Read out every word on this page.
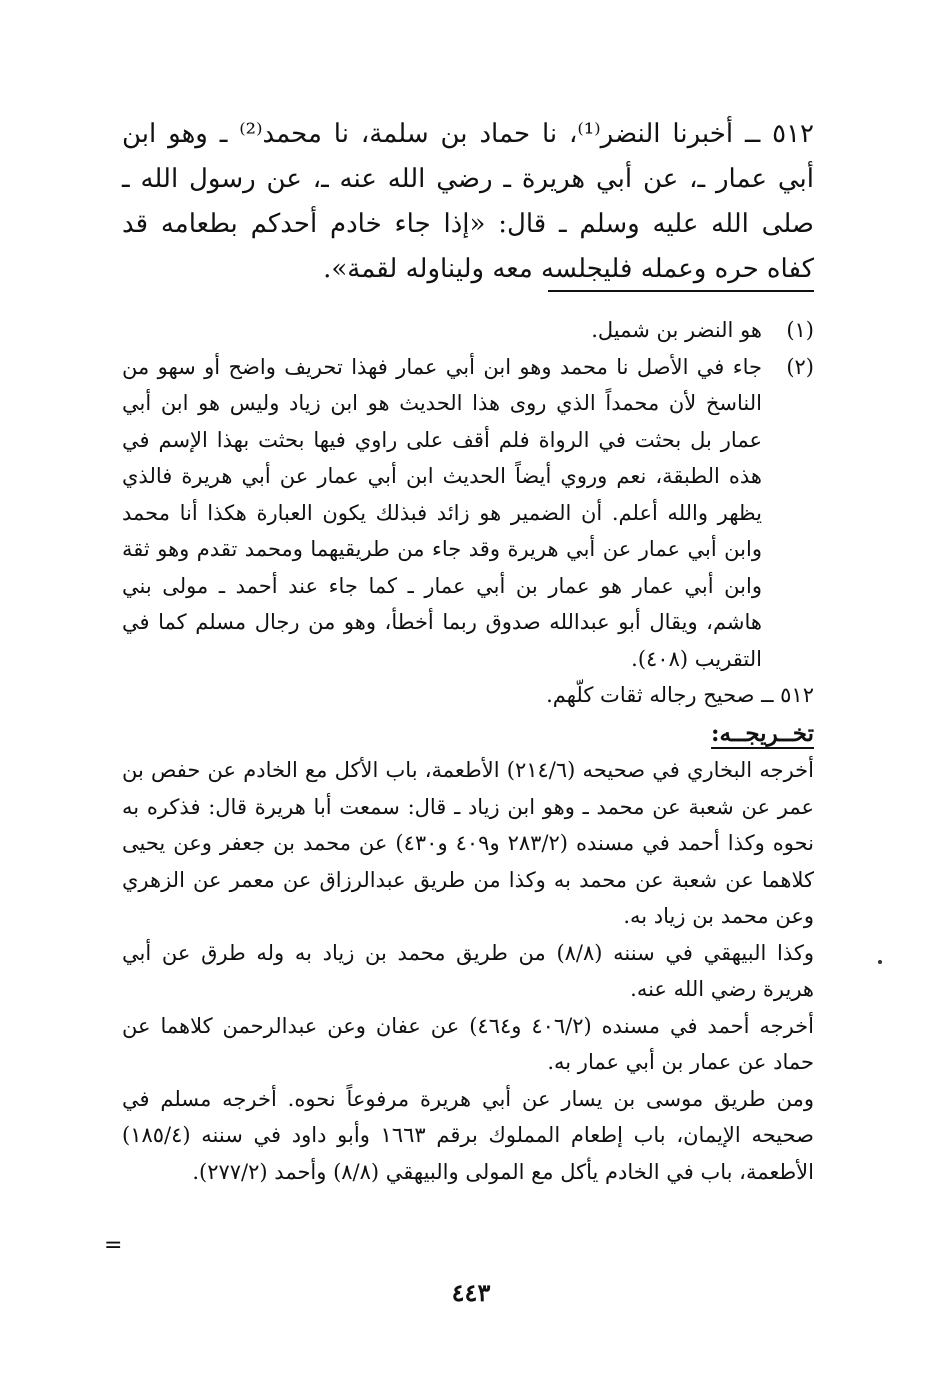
٥١٢ ــ أخبرنا النضر⁽¹⁾، نا حماد بن سلمة، نا محمد⁽²⁾ ـ وهو ابن أبي عمار ـ، عن أبي هريرة ـ رضي الله عنه ـ، عن رسول الله ـ صلى الله عليه وسلم ـ قال: «إذا جاء خادم أحدكم بطعامه قد كفاه حره وعمله فليجلسه معه وليناوله لقمة».

(١)
هو النضر بن شميل.
(٢)
جاء في الأصل نا محمد وهو ابن أبي عمار فهذا تحريف واضح أو سهو من الناسخ لأن محمداً الذي روى هذا الحديث هو ابن زياد وليس هو ابن أبي عمار بل بحثت في الرواة فلم أقف على راوي فيها بحثت بهذا الإسم في هذه الطبقة، نعم وروي أيضاً الحديث ابن أبي عمار عن أبي هريرة فالذي يظهر والله أعلم. أن الضمير هو زائد فبذلك يكون العبارة هكذا أنا محمد وابن أبي عمار عن أبي هريرة وقد جاء من طريقيهما ومحمد تقدم وهو ثقة وابن أبي عمار هو عمار بن أبي عمار ـ كما جاء عند أحمد ـ مولى بني هاشم، ويقال أبو عبدالله صدوق ربما أخطأ، وهو من رجال مسلم كما في التقريب (٤٠٨).

٥١٢ ــ صحيح رجاله ثقات كلّهم.

تخــريجــه:

أخرجه البخاري في صحيحه (٢١٤/٦) الأطعمة، باب الأكل مع الخادم عن حفص بن عمر عن شعبة عن محمد ـ وهو ابن زياد ـ قال: سمعت أبا هريرة قال: فذكره به نحوه وكذا أحمد في مسنده (٢٨٣/٢ و٤٠٩ و٤٣٠) عن محمد بن جعفر وعن يحيى كلاهما عن شعبة عن محمد به وكذا من طريق عبدالرزاق عن معمر عن الزهري وعن محمد بن زياد به.

وكذا البيهقي في سننه (٨/٨) من طريق محمد بن زياد به وله طرق عن أبي هريرة رضي الله عنه.

أخرجه أحمد في مسنده (٤٠٦/٢ و٤٦٤) عن عفان وعن عبدالرحمن كلاهما عن حماد عن عمار بن أبي عمار به.

ومن طريق موسى بن يسار عن أبي هريرة مرفوعاً نحوه. أخرجه مسلم في صحيحه الإيمان، باب إطعام المملوك برقم ١٦٦٣ وأبو داود في سننه (١٨٥/٤) الأطعمة، باب في الخادم يأكل مع المولى والبيهقي (٨/٨) وأحمد (٢٧٧/٢).

=
٤٤٣
